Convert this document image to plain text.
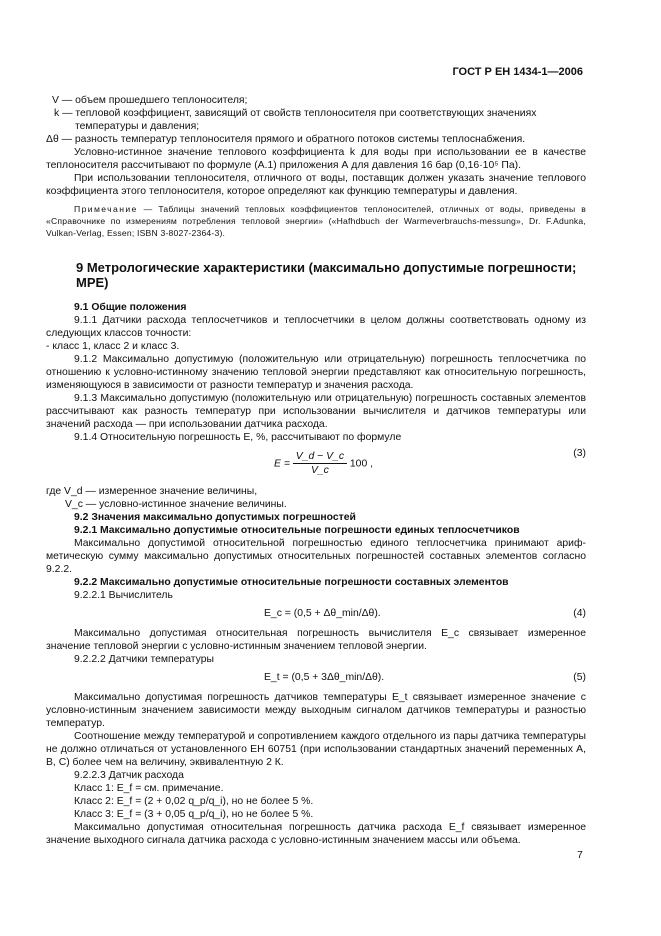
ГОСТ Р ЕН 1434-1—2006

V — объем прошедшего теплоносителя;

k — тепловой коэффициент, зависящий от свойств теплоносителя при соответствующих значениях

температуры и давления;

Δθ — разность температур теплоносителя прямого и обратного потоков системы теплоснабжения.

Условно-истинное значение теплового коэффициента k для воды при использовании ее в качестве теплоносителя рассчитывают по формуле (А.1) приложения А для давления 16 бар (0,16·10⁵ Па).

При использовании теплоносителя, отличного от воды, поставщик должен указать значение теплового коэффициента этого теплоносителя, которое определяют как функцию температуры и давления.

Примечание — Таблицы значений тепловых коэффициентов теплоносителей, отличных от воды, приведены в «Справочнике по измерениям потребления тепловой энергии» («Hafhdbuch der Warmeverbrauchs-messung», Dr. F.Adunka, Vulkan-Verlag, Essen; ISBN 3-8027-2364-3).

9 Метрологические характеристики (максимально допустимые погрешности; МРЕ)

9.1 Общие положения

9.1.1 Датчики расхода теплосчетчиков и теплосчетчики в целом должны соответствовать одному из следующих классов точности:

- класс 1, класс 2 и класс 3.

9.1.2 Максимально допустимую (положительную или отрицательную) погрешность теплосчетчика по отношению к условно-истинному значению тепловой энергии представляют как относительную погрешность, изменяющуюся в зависимости от разности температур и значения расхода.

9.1.3 Максимально допустимую (положительную или отрицательную) погрешность составных элементов рассчитывают как разность температур при использовании вычислителя и датчиков температуры или значений расхода — при использовании датчика расхода.

9.1.4 Относительную погрешность E, %, рассчитывают по формуле

$E = \frac{V\_d - V\_c}{V\_c} 100$ ,
(3)

где V_d — измеренное значение величины,

V_c — условно-истинное значение величины.

9.2 Значения максимально допустимых погрешностей

9.2.1 Максимально допустимые относительные погрешности единых теплосчетчиков

Максимально допустимой относительной погрешностью единого теплосчетчика принимают арифметическую сумму максимально допустимых относительных погрешностей составных элементов согласно 9.2.2.

9.2.2 Максимально допустимые относительные погрешности составных элементов

9.2.2.1 Вычислитель

E_c = (0,5 + Δθ_min/Δθ).	(4)

Максимально допустимая относительная погрешность вычислителя E_c связывает измеренное значение тепловой энергии с условно-истинным значением тепловой энергии.

9.2.2.2 Датчики температуры

E_t = (0,5 + 3Δθ_min/Δθ).	(5)

Максимально допустимая погрешность датчиков температуры E_t связывает измеренное значение с условно-истинным значением зависимости между выходным сигналом датчиков температуры и разностью температур.

Соотношение между температурой и сопротивлением каждого отдельного из пары датчика температуры не должно отличаться от установленного ЕН 60751 (при использовании стандартных значений переменных A, B, C) более чем на величину, эквивалентную 2 К.

9.2.2.3 Датчик расхода

Класс 1: E_f = см. примечание.

Класс 2: E_f = (2 + 0,02 q_p/q_i), но не более 5 %.

Класс 3: E_f = (3 + 0,05 q_p/q_i), но не более 5 %.

Максимально допустимая относительная погрешность датчика расхода E_f связывает измеренное значение выходного сигнала датчика расхода с условно-истинным значением массы или объема.

7
